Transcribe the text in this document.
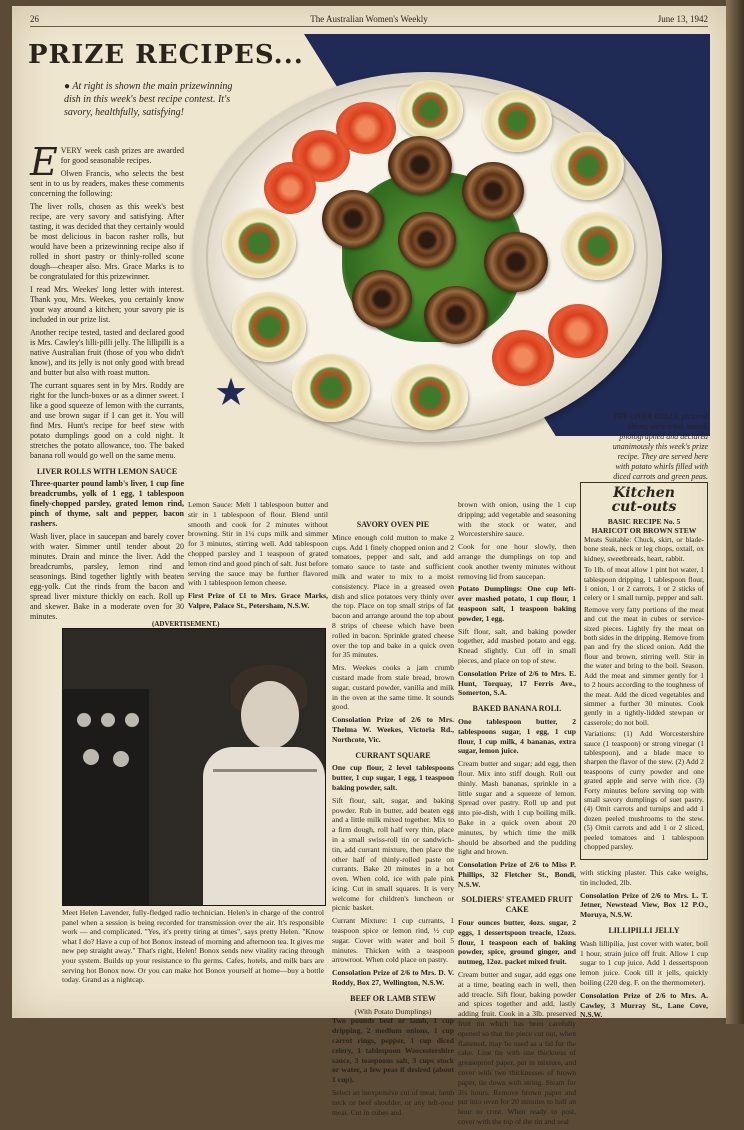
26	The Australian Women's Weekly	June 13, 1942
PRIZE RECIPES...
● At right is shown the main prizewinning dish in this week's best recipe contest. It's savory, healthfully, satisfying!
★
THE LIVER ROLLS, pictured above, were tried, tasted, photographed and declared unanimously this week's prize recipe. They are served here with potato whirls filled with diced carrots and green peas.

EVERY week cash prizes are awarded for good seasonable recipes.

Olwen Francis, who selects the best sent in to us by readers, makes these comments concerning the following:

The liver rolls, chosen as this week's best recipe, are very savory and satisfying. After tasting, it was decided that they certainly would be most delicious in bacon rasher rolls, but would have been a prizewinning recipe also if rolled in short pastry or thinly-rolled scone dough—cheaper also. Mrs. Grace Marks is to be congratulated for this prizewinner.

I read Mrs. Weekes' long letter with interest. Thank you, Mrs. Weekes, you certainly know your way around a kitchen; your savory pie is included in our prize list.

Another recipe tested, tasted and declared good is Mrs. Cawley's lilli-pilli jelly. The lillipilli is a native Australian fruit (those of you who didn't know), and its jelly is not only good with bread and butter but also with roast mutton.

The currant squares sent in by Mrs. Roddy are right for the lunch-boxes or as a dinner sweet. I like a good squeeze of lemon with the currants, and use brown sugar if I can get it. You will find Mrs. Hunt's recipe for beef stew with potato dumplings good on a cold night. It stretches the potato allowance, too. The baked banana roll would go well on the same menu.

LIVER ROLLS WITH LEMON SAUCE

Three-quarter pound lamb's liver, 1 cup fine breadcrumbs, yolk of 1 egg, 1 tablespoon finely-chopped parsley, grated lemon rind, pinch of thyme, salt and pepper, bacon rashers.

Wash liver, place in saucepan and barely cover with water. Simmer until tender about 20 minutes. Drain and mince the liver. Add the breadcrumbs, parsley, lemon rind and seasonings. Bind together lightly with beaten egg-yolk. Cut the rinds from the bacon and spread liver mixture thickly on each. Roll up and skewer. Bake in a moderate oven for 30 minutes.

Lemon Sauce: Melt 1 tablespoon butter and stir in 1 tablespoon of flour. Blend until smooth and cook for 2 minutes without browning. Stir in 1¼ cups milk and simmer for 3 minutes, stirring well. Add tablespoon chopped parsley and 1 teaspoon of grated lemon rind and good pinch of salt. Just before serving the sauce may be further flavored with 1 tablespoon lemon cheese.

First Prize of £1 to Mrs. Grace Marks, Valpre, Palace St., Petersham, N.S.W.

(ADVERTISEMENT.)
Meet Helen Lavender, fully-fledged radio technician. Helen's in charge of the control panel when a session is being recorded for transmission over the air. It's responsible work — and complicated. "Yes, it's pretty tiring at times", says pretty Helen. "Know what I do? Have a cup of hot Bonox instead of morning and afternoon tea. It gives me new pep straight away." That's right, Helen! Bonox sends new vitality racing through your system. Builds up your resistance to flu germs. Cafes, hotels, and milk bars are serving hot Bonox now. Or you can make hot Bonox yourself at home—buy a bottle today. Grand as a nightcap.
SAVORY OVEN PIE

Mince enough cold mutton to make 2 cups. Add 1 finely chopped onion and 2 tomatoes, pepper and salt, and add tomato sauce to taste and sufficient milk and water to mix to a moist consistency. Place in a greased oven dish and slice potatoes very thinly over the top. Place on top small strips of fat bacon and arrange around the top about 8 strips of cheese which have been rolled in bacon. Sprinkle grated cheese over the top and bake in a quick oven for 35 minutes.

Mrs. Weekes cooks a jam crumb custard made from stale bread, brown sugar, custard powder, vanilla and milk in the oven at the same time. It sounds good.

Consolation Prize of 2/6 to Mrs. Thelma W. Weekes, Victoria Rd., Northcote, Vic.

CURRANT SQUARE

One cup flour, 2 level tablespoons butter, 1 cup sugar, 1 egg, 1 teaspoon baking powder, salt.

Sift flour, salt, sugar, and baking powder. Rub in butter, add beaten egg and a little milk mixed together. Mix to a firm dough, roll half very thin, place in a small swiss-roll tin or sandwich-tin, add currant mixture, then place the other half of thinly-rolled paste on currants. Bake 20 minutes in a hot oven. When cold, ice with pale pink icing. Cut in small squares. It is very welcome for children's luncheon or picnic basket.

Currant Mixture: 1 cup currants, 1 teaspoon spice or lemon rind, ½ cup sugar. Cover with water and boil 5 minutes. Thicken with a teaspoon arrowroot. When cold place on pastry.

Consolation Prize of 2/6 to Mrs. D. V. Roddy, Box 27, Wellington, N.S.W.

BEEF OR LAMB STEW
(With Potato Dumplings)

Two pounds beef or lamb, 1 cup dripping, 2 medium onions, 1 cup carrot rings, pepper, 1 cup diced celery, 1 tablespoon Worcestershire sauce, 3 teaspoons salt, 3 cups stock or water, a few peas if desired (about 1 cup).

Select an inexpensive cut of meat, lamb neck or beef shoulder, or any left-over meat. Cut in cubes and

brown with onion, using the 1 cup dripping; add vegetable and seasoning with the stock or water, and Worcestershire sauce.

Cook for one hour slowly, then arrange the dumplings on top and cook another twenty minutes without removing lid from saucepan.

Potato Dumplings: One cup left-over mashed potato, 1 cup flour, 1 teaspoon salt, 1 teaspoon baking powder, 1 egg.

Sift flour, salt, and baking powder together, add mashed potato and egg. Knead slightly. Cut off in small pieces, and place on top of stew.

Consolation Prize of 2/6 to Mrs. E. Hunt, Torquay, 17 Ferris Ave., Somerton, S.A.

BAKED BANANA ROLL

One tablespoon butter, 2 tablespoons sugar, 1 egg, 1 cup flour, 1 cup milk, 4 bananas, extra sugar, lemon juice.

Cream butter and sugar; add egg, then flour. Mix into stiff dough. Roll out thinly. Mash bananas, sprinkle in a little sugar and a squeeze of lemon. Spread over pastry. Roll up and put into pie-dish, with 1 cup boiling milk. Bake in a quick oven about 20 minutes, by which time the milk should be absorbed and the pudding light and brown.

Consolation Prize of 2/6 to Miss P. Phillips, 32 Fletcher St., Bondi, N.S.W.

SOLDIERS' STEAMED FRUIT CAKE

Four ounces butter, 4ozs. sugar, 2 eggs, 1 dessertspoon treacle, 12ozs. flour, 1 teaspoon each of baking powder, spice, ground ginger, and nutmeg, 12oz. packet mixed fruit.

Cream butter and sugar, add eggs one at a time, beating each in well, then add treacle. Sift flour, baking powder and spices together and add, lastly adding fruit. Cook in a 3lb. preserved fruit tin which has been carefully opened so that the piece cut out, when flattened, may be used as a lid for the cake. Line tin with one thickness of greaseproof paper, put in mixture, and cover with two thicknesses of brown paper, tie down with string. Steam for 3½ hours. Remove brown paper and put into oven for 20 minutes to half an hour to crust. When ready to post, cover with the top of the tin and seal

Kitchen
cut-outs
BASIC RECIPE No. 5
HARICOT OR BROWN STEW

Meats Suitable: Chuck, skirt, or blade-bone steak, neck or leg chops, oxtail, ox kidney, sweetbreads, heart, rabbit.

To 1lb. of meat allow 1 pint hot water, 1 tablespoon dripping, 1 tablespoon flour, 1 onion, 1 or 2 carrots, 1 or 2 sticks of celery or 1 small turnip, pepper and salt.

Remove very fatty portions of the meat and cut the meat in cubes or service-sized pieces. Lightly fry the meat on both sides in the dripping. Remove from pan and fry the sliced onion. Add the flour and brown, stirring well. Stir in the water and bring to the boil. Season. Add the meat and simmer gently for 1 to 2 hours according to the toughness of the meat. Add the diced vegetables and simmer a further 30 minutes. Cook gently in a tightly-lidded stewpan or casserole; do not boil.

Variations: (1) Add Worcestershire sauce (1 teaspoon) or strong vinegar (1 tablespoon), and a blade mace to sharpen the flavor of the stew. (2) Add 2 teaspoons of curry powder and one grated apple and serve with rice. (3) Forty minutes before serving top with small savory dumplings of suet pastry. (4) Omit carrots and turnips and add 1 dozen peeled mushrooms to the stew. (5) Omit carrots and add 1 or 2 sliced, peeled tomatoes and 1 tablespoon chopped parsley.

with sticking plaster. This cake weighs, tin included, 2lb.

Consolation Prize of 2/6 to Mrs. L. T. Jetner, Newstead View, Box 12 P.O., Moruya, N.S.W.

LILLIPILLI JELLY

Wash lillipilia, just cover with water, boil 1 hour, strain juice off fruit. Allow 1 cup sugar to 1 cup juice. Add 1 dessertspoon lemon juice. Cook till it jells, quickly boiling (220 deg. F. on the thermometer).

Consolation Prize of 2/6 to Mrs. A. Cawley, 3 Murray St., Lane Cove, N.S.W.
